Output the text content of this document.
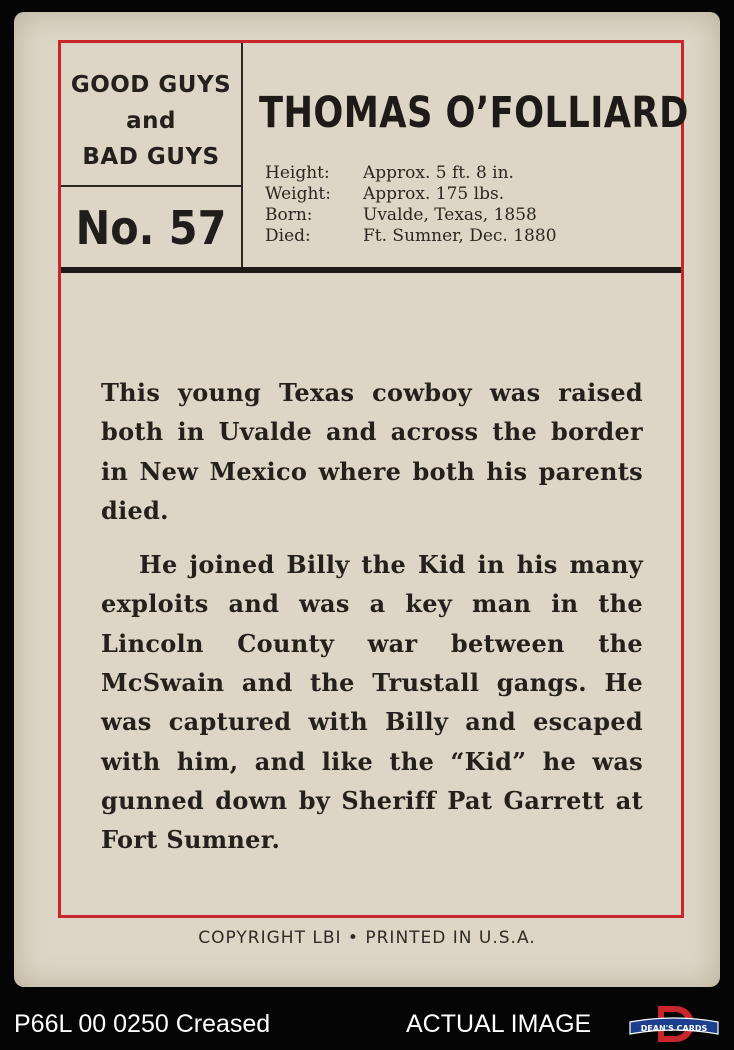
GOOD GUYS
and
BAD GUYS
No. 57
THOMAS O’FOLLIARD
Height:	Approx. 5 ft. 8 in.
Weight:	Approx. 175 lbs.
Born:	Uvalde, Texas, 1858
Died:	Ft. Sumner, Dec. 1880

This young Texas cowboy was raised both in Uvalde and across the border in New Mexico where both his parents died.

He joined Billy the Kid in his many exploits and was a key man in the Lincoln County war between the McSwain and the Trustall gangs. He was captured with Billy and escaped with him, and like the “Kid” he was gunned down by Sheriff Pat Garrett at Fort Sumner.

COPYRIGHT LBI • PRINTED IN U.S.A.
P66L 00 0250 Creased	ACTUAL IMAGE	DEAN'S CARDS
